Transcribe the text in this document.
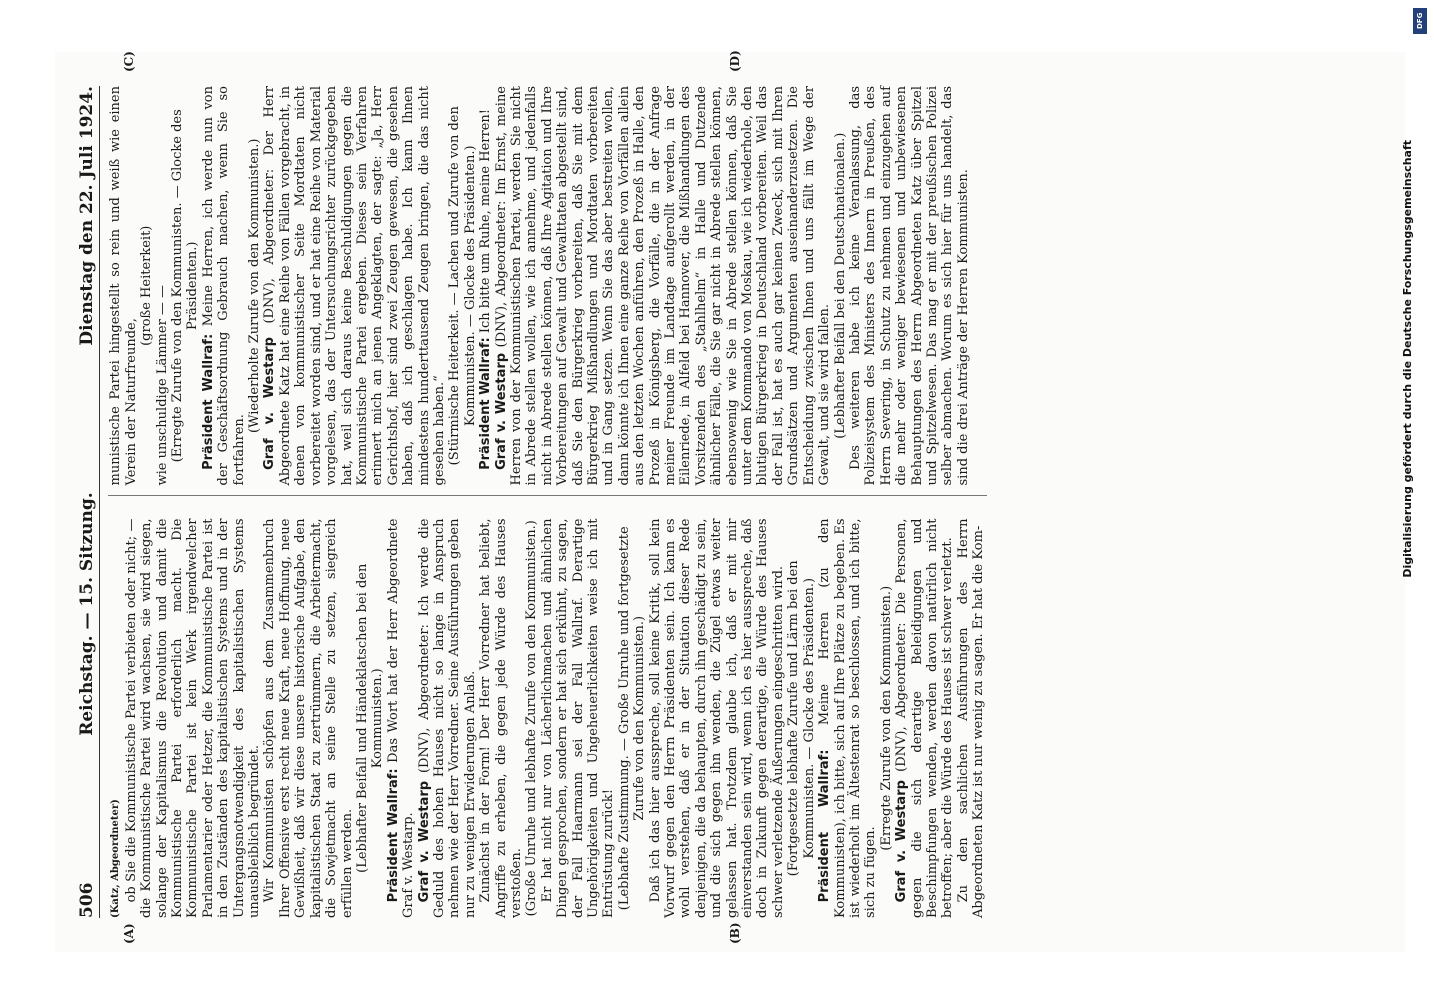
506
Reichstag. — 15. Sitzung.
Dienstag den 22. Juli 1924.
(A)	(B)
(C)	(D)

(Katz, Abgeordneter) ob Sie die Kommunistische Partei verbieten oder nicht; — die Kommunistische Partei wird wachsen, sie wird siegen, solange der Kapitalismus die Revolution und damit die Kommunistische Partei erforderlich macht. Die Kommunistische Partei ist kein Werk irgendwelcher Parlamentarier oder Hetzer, die Kommunistische Partei ist in den Zuständen des kapitalistischen Systems und in der Untergangsnotwendigkeit des kapitalistischen Systems unausbleiblich begründet. Wir Kommunisten schöpfen aus dem Zusammenbruch Ihrer Offensive erst recht neue Kraft, neue Hoffnung, neue Gewißheit, daß wir diese unsere historische Aufgabe, den kapitalistischen Staat zu zertrümmern, die Arbeitermacht, die Sowjetmacht an seine Stelle zu setzen, siegreich erfüllen werden. (Lebhafter Beifall und Händeklatschen bei den Kommunisten.)

Präsident Wallraf: Das Wort hat der Herr Abgeordnete Graf v. Westarp. Graf v. Westarp (DNV), Abgeordneter: Ich werde die Geduld des hohen Hauses nicht so lange in Anspruch nehmen wie der Herr Vorredner. Seine Ausführungen geben nur zu wenigen Erwiderungen Anlaß. Zunächst in der Form! Der Herr Vorredner hat beliebt, Angriffe zu erheben, die gegen jede Würde des Hauses verstoßen. (Große Unruhe und lebhafte Zurufe von den Kommunisten.) Er hat nicht nur von Lächerlichmachen und ähnlichen Dingen gesprochen, sondern er hat sich erkühnt, zu sagen, der Fall Haarmann sei der Fall Wallraf. Derartige Ungehörigkeiten und Ungeheuerlichkeiten weise ich mit Entrüstung zurück! (Lebhafte Zustimmung. — Große Unruhe und fortgesetzte Zurufe von den Kommunisten.) Daß ich das hier ausspreche, soll keine Kritik, soll kein Vorwurf gegen den Herrn Präsidenten sein. Ich kann es wohl verstehen, daß er in der Situation dieser Rede denjenigen, die da behaupten, durch ihn geschädigt zu sein, und die sich gegen ihn wenden, die Zügel etwas weiter gelassen hat. Trotzdem glaube ich, daß er mit mir einverstanden sein wird, wenn ich es hier ausspreche, daß doch in Zukunft gegen derartige, die Würde des Hauses schwer verletzende Äußerungen eingeschritten wird. (Fortgesetzte lebhafte Zurufe und Lärm bei den Kommunisten. — Glocke des Präsidenten.) Präsident Wallraf: Meine Herren (zu den Kommunisten), ich bitte, sich auf Ihre Plätze zu begeben. Es ist wiederholt im Ältestenrat so beschlossen, und ich bitte, sich zu fügen.

(Erregte Zurufe von den Kommunisten.) Graf v. Westarp (DNV), Abgeordneter: Die Personen, gegen die sich derartige Beleidigungen und Beschimpfungen wenden, werden davon natürlich nicht betroffen; aber die Würde des Hauses ist schwer verletzt. Zu den sachlichen Ausführungen des Herrn Abgeordneten Katz ist nur wenig zu sagen. Er hat die Kom-

munistische Partei hingestellt so rein und weiß wie einen Verein der Naturfreunde,

(große Heiterkeit) wie unschuldige Lämmer — — (Erregte Zurufe von den Kommunisten. — Glocke des Präsidenten.)

Präsident Wallraf: Meine Herren, ich werde nun von der Geschäftsordnung Gebrauch machen, wenn Sie so fortfahren.

(Wiederholte Zurufe von den Kommunisten.) Graf v. Westarp (DNV), Abgeordneter: Der Herr Abgeordnete Katz hat eine Reihe von Fällen vorgebracht, in denen von kommunistischer Seite Mordtaten nicht vorbereitet worden sind, und er hat eine Reihe von Material vorgelesen, das der Untersuchungsrichter zurückgegeben hat, weil sich daraus keine Beschuldigungen gegen die Kommunistische Partei ergeben. Dieses sein Verfahren erinnert mich an jenen Angeklagten, der sagte: „Ja, Herr Gerichtshof, hier sind zwei Zeugen gewesen, die gesehen haben, daß ich geschlagen habe. Ich kann Ihnen mindestens hunderttausend Zeugen bringen, die das nicht gesehen haben.“ (Stürmische Heiterkeit. — Lachen und Zurufe von den Kommunisten. — Glocke des Präsidenten.) Präsident Wallraf: Ich bitte um Ruhe, meine Herren!

Graf v. Westarp (DNV), Abgeordneter: Im Ernst, meine Herren von der Kommunistischen Partei, werden Sie nicht in Abrede stellen wollen, wie ich annehme, und jedenfalls nicht in Abrede stellen können, daß Ihre Agitation und Ihre Vorbereitungen auf Gewalt und Gewalttaten abgestellt sind, daß Sie den Bürgerkrieg vorbereiten, daß Sie mit dem Bürgerkrieg Mißhandlungen und Mordtaten vorbereiten und in Gang setzen. Wenn Sie das aber bestreiten wollen, dann könnte ich Ihnen eine ganze Reihe von Vorfällen allein aus den letzten Wochen anführen, den Prozeß in Halle, den Prozeß in Königsberg, die Vorfälle, die in der Anfrage meiner Freunde im Landtage aufgerollt werden, in der Eilenriede, in Alfeld bei Hannover, die Mißhandlungen des Vorsitzenden des „Stahlhelm“ in Halle und Dutzende ähnlicher Fälle, die Sie gar nicht in Abrede stellen können, ebensowenig wie Sie in Abrede stellen können, daß Sie unter dem Kommando von Moskau, wie ich wiederhole, den blutigen Bürgerkrieg in Deutschland vorbereiten. Weil das der Fall ist, hat es auch gar keinen Zweck, sich mit Ihren Grundsätzen und Argumenten auseinanderzusetzen. Die Entscheidung zwischen Ihnen und uns fällt im Wege der Gewalt, und sie wird fallen. (Lebhafter Beifall bei den Deutschnationalen.) Des weiteren habe ich keine Veranlassung, das Polizeisystem des Ministers des Innern in Preußen, des Herrn Severing, in Schutz zu nehmen und einzugehen auf die mehr oder weniger bewiesenen und unbewiesenen Behauptungen des Herrn Abgeordneten Katz über Spitzel und Spitzelwesen. Das mag er mit der preußischen Polizei selber abmachen. Worum es sich hier für uns handelt, das sind die drei Anträge der Herren Kommunisten.	Digitalisierung gefördert durch die Deutsche Forschungsgemeinschaft
DFG
